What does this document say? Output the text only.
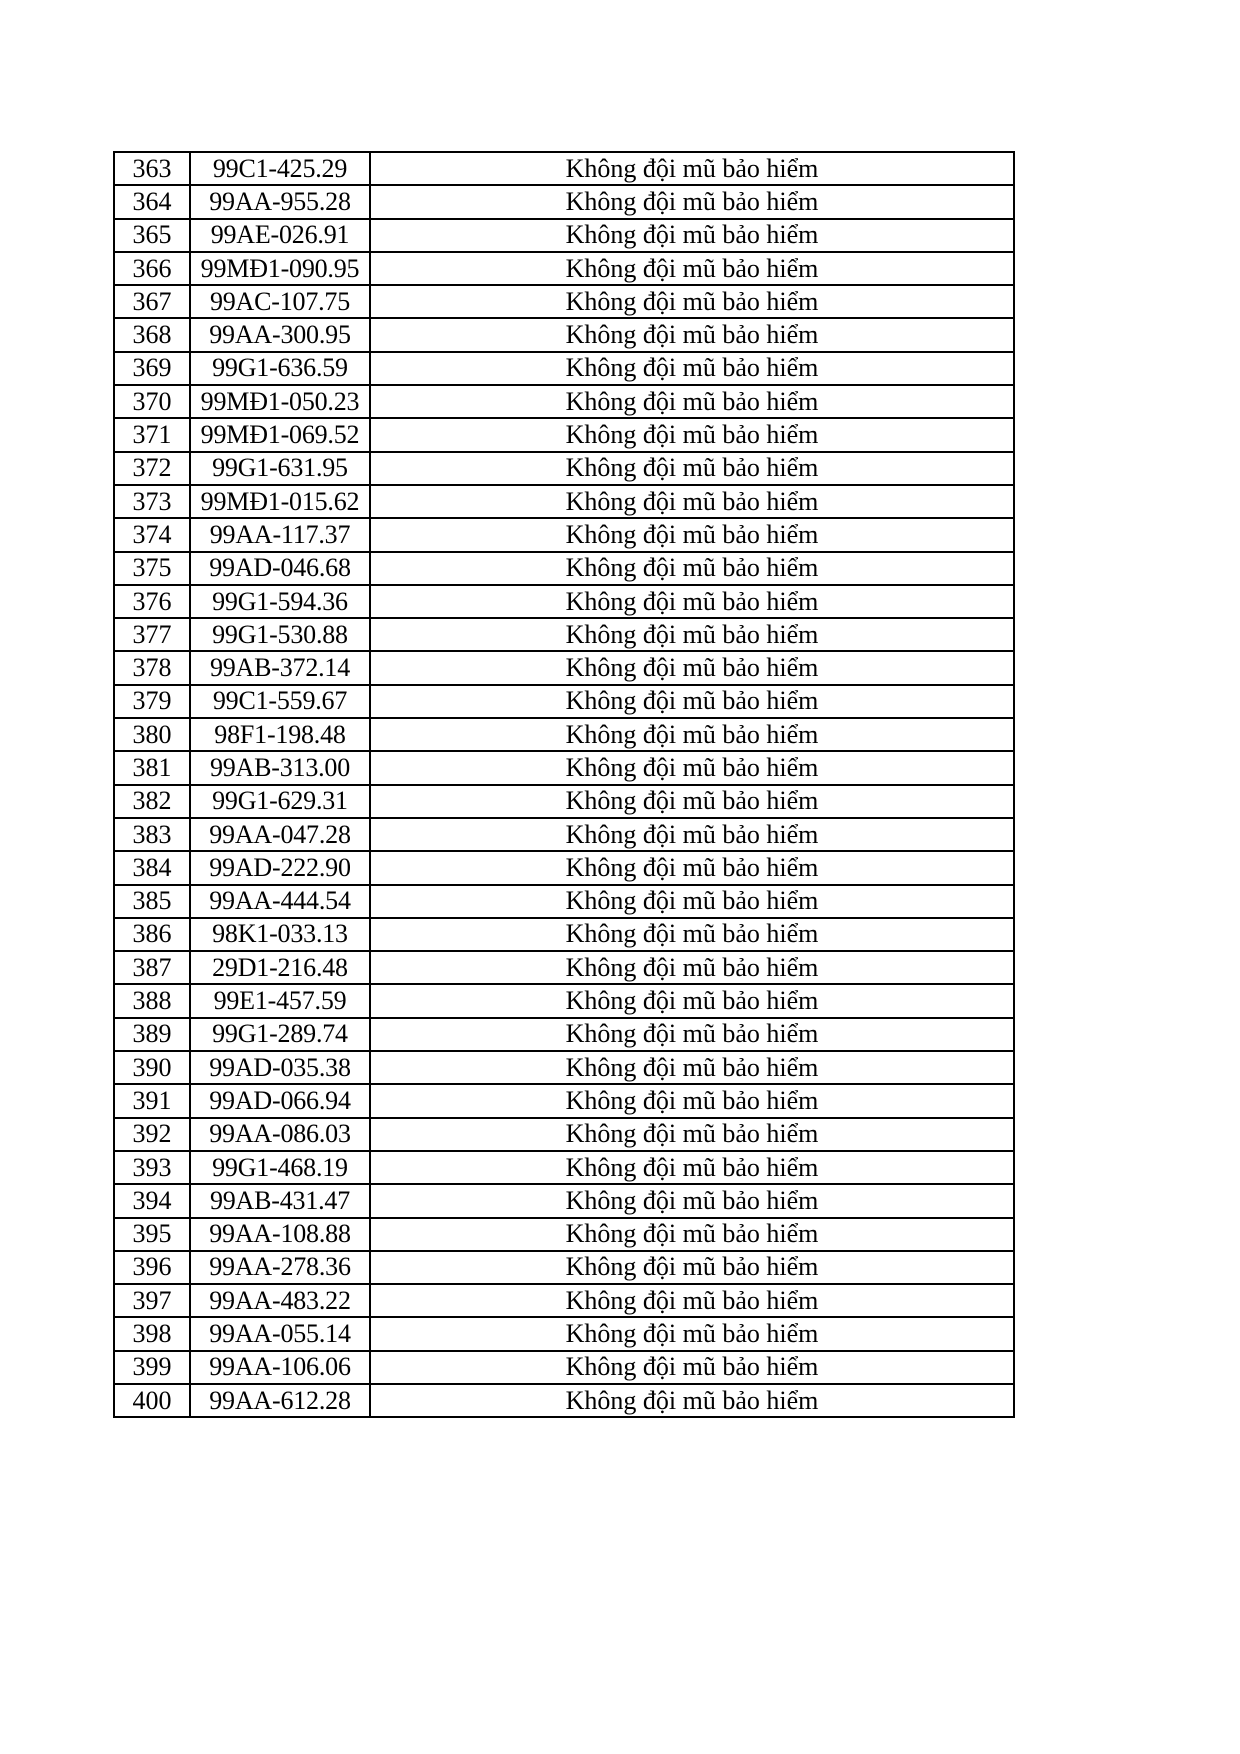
363	99C1-425.29	Không đội mũ bảo hiểm
364	99AA-955.28	Không đội mũ bảo hiểm
365	99AE-026.91	Không đội mũ bảo hiểm
366	99MĐ1-090.95	Không đội mũ bảo hiểm
367	99AC-107.75	Không đội mũ bảo hiểm
368	99AA-300.95	Không đội mũ bảo hiểm
369	99G1-636.59	Không đội mũ bảo hiểm
370	99MĐ1-050.23	Không đội mũ bảo hiểm
371	99MĐ1-069.52	Không đội mũ bảo hiểm
372	99G1-631.95	Không đội mũ bảo hiểm
373	99MĐ1-015.62	Không đội mũ bảo hiểm
374	99AA-117.37	Không đội mũ bảo hiểm
375	99AD-046.68	Không đội mũ bảo hiểm
376	99G1-594.36	Không đội mũ bảo hiểm
377	99G1-530.88	Không đội mũ bảo hiểm
378	99AB-372.14	Không đội mũ bảo hiểm
379	99C1-559.67	Không đội mũ bảo hiểm
380	98F1-198.48	Không đội mũ bảo hiểm
381	99AB-313.00	Không đội mũ bảo hiểm
382	99G1-629.31	Không đội mũ bảo hiểm
383	99AA-047.28	Không đội mũ bảo hiểm
384	99AD-222.90	Không đội mũ bảo hiểm
385	99AA-444.54	Không đội mũ bảo hiểm
386	98K1-033.13	Không đội mũ bảo hiểm
387	29D1-216.48	Không đội mũ bảo hiểm
388	99E1-457.59	Không đội mũ bảo hiểm
389	99G1-289.74	Không đội mũ bảo hiểm
390	99AD-035.38	Không đội mũ bảo hiểm
391	99AD-066.94	Không đội mũ bảo hiểm
392	99AA-086.03	Không đội mũ bảo hiểm
393	99G1-468.19	Không đội mũ bảo hiểm
394	99AB-431.47	Không đội mũ bảo hiểm
395	99AA-108.88	Không đội mũ bảo hiểm
396	99AA-278.36	Không đội mũ bảo hiểm
397	99AA-483.22	Không đội mũ bảo hiểm
398	99AA-055.14	Không đội mũ bảo hiểm
399	99AA-106.06	Không đội mũ bảo hiểm
400	99AA-612.28	Không đội mũ bảo hiểm
